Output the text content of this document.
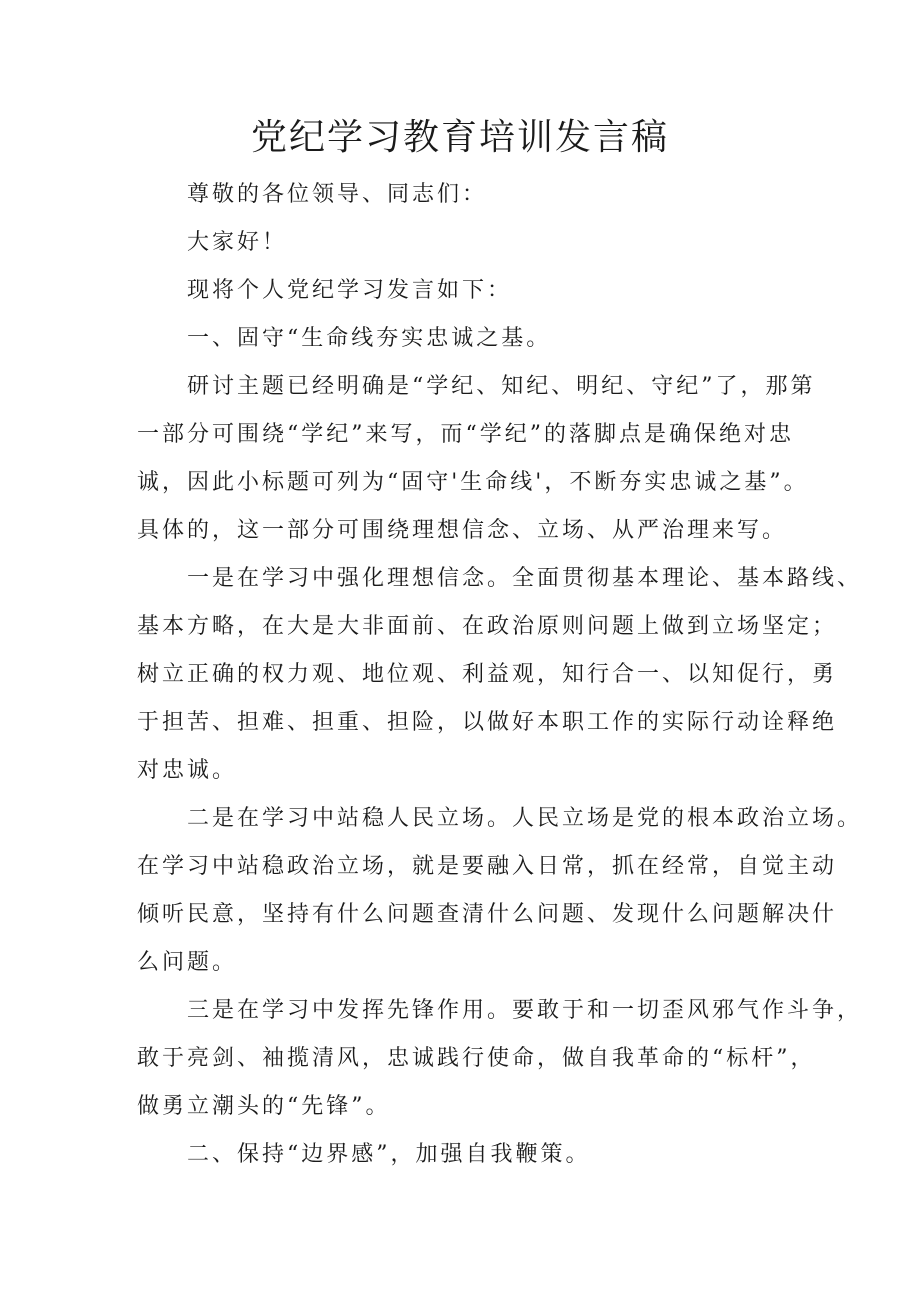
党纪学习教育培训发言稿
尊敬的各位领导、同志们：
大家好！
现将个人党纪学习发言如下：
一、固守“生命线夯实忠诚之基。
研讨主题已经明确是“学纪、知纪、明纪、守纪”了，那第
一部分可围绕“学纪”来写，而“学纪”的落脚点是确保绝对忠
诚，因此小标题可列为“固守'生命线'，不断夯实忠诚之基”。
具体的，这一部分可围绕理想信念、立场、从严治理来写。
一是在学习中强化理想信念。全面贯彻基本理论、基本路线、
基本方略，在大是大非面前、在政治原则问题上做到立场坚定；
树立正确的权力观、地位观、利益观，知行合一、以知促行，勇
于担苦、担难、担重、担险，以做好本职工作的实际行动诠释绝
对忠诚。
二是在学习中站稳人民立场。人民立场是党的根本政治立场。
在学习中站稳政治立场，就是要融入日常，抓在经常，自觉主动
倾听民意，坚持有什么问题查清什么问题、发现什么问题解决什
么问题。
三是在学习中发挥先锋作用。要敢于和一切歪风邪气作斗争，
敢于亮剑、袖揽清风，忠诚践行使命，做自我革命的“标杆”，
做勇立潮头的“先锋”。
二、保持“边界感”，加强自我鞭策。
